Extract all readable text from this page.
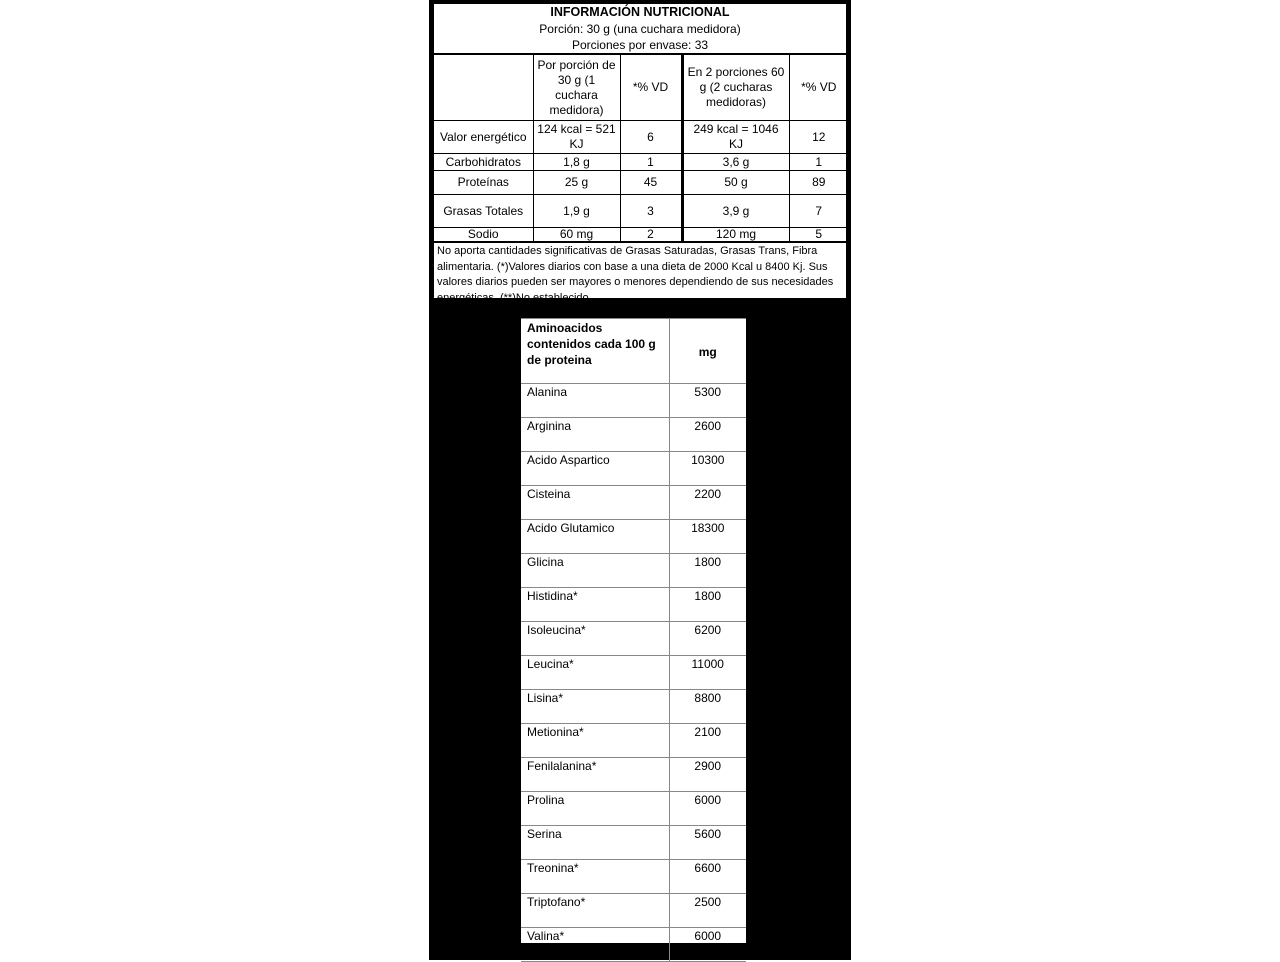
INFORMACIÓN NUTRICIONAL
Porción: 30 g (una cuchara medidora)
Porciones por envase: 33
	Por porción de 30 g (1 cuchara medidora)	*% VD	En 2 porciones 60 g (2 cucharas medidoras)	*% VD
Valor energético	124 kcal = 521 KJ	6	249 kcal = 1046 KJ	12
Carbohidratos	1,8 g	1	3,6 g	1
Proteínas	25 g	45	50 g	89
Grasas Totales	1,9 g	3	3,9 g	7
Sodio	60 mg	2	120 mg	5
No aporta cantidades significativas de Grasas Saturadas, Grasas Trans, Fibra alimentaria. (*)Valores diarios con base a una dieta de 2000 Kcal u 8400 Kj. Sus valores diarios pueden ser mayores o menores dependiendo de sus necesidades energéticas. (**)No establecido.
Aminoacidos contenidos cada 100 g de proteina	mg
Alanina	5300
Arginina	2600
Acido Aspartico	10300
Cisteina	2200
Acido Glutamico	18300
Glicina	1800
Histidina*	1800
Isoleucina*	6200
Leucina*	11000
Lisina*	8800
Metionina*	2100
Fenilalanina*	2900
Prolina	6000
Serina	5600
Treonina*	6600
Triptofano*	2500
Valina*	6000
